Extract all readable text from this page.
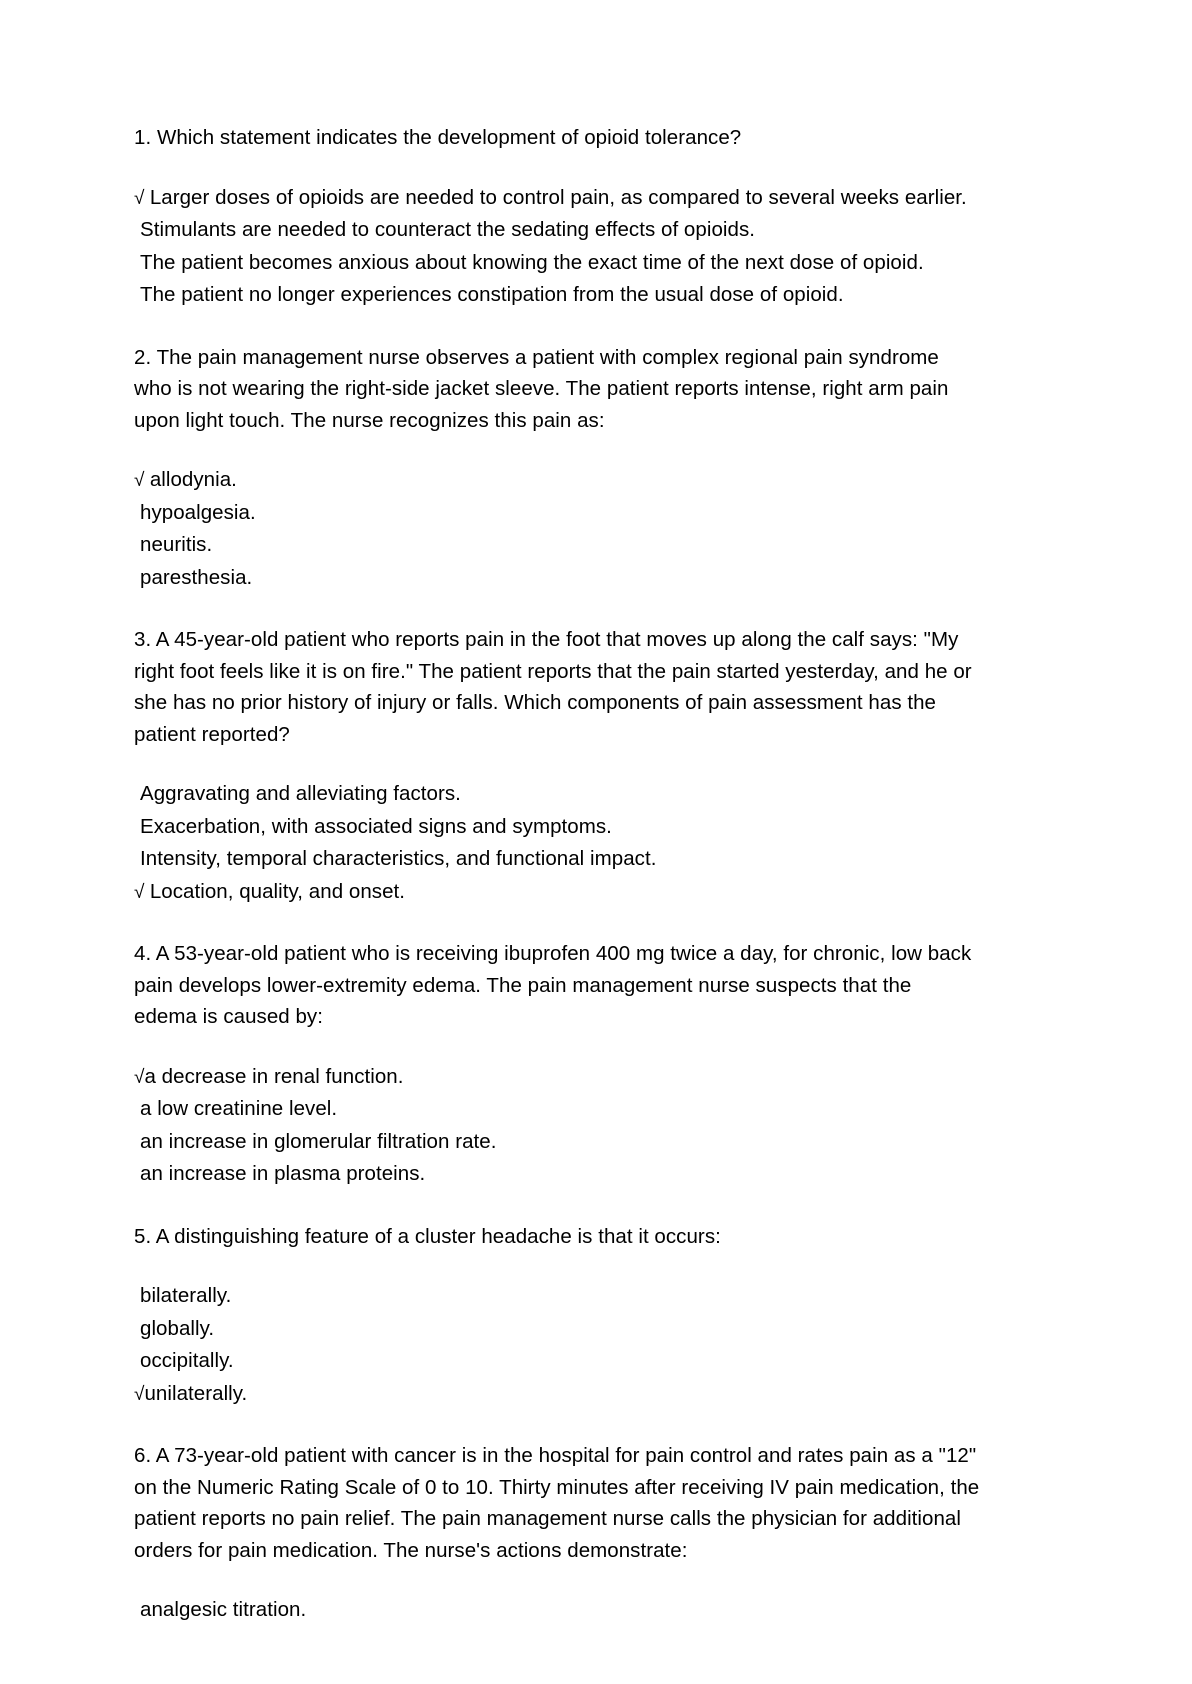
1. Which statement indicates the development of opioid tolerance?
√ Larger doses of opioids are needed to control pain, as compared to several weeks earlier.
Stimulants are needed to counteract the sedating effects of opioids.
The patient becomes anxious about knowing the exact time of the next dose of opioid.
The patient no longer experiences constipation from the usual dose of opioid.
2. The pain management nurse observes a patient with complex regional pain syndrome
who is not wearing the right-side jacket sleeve. The patient reports intense, right arm pain
upon light touch. The nurse recognizes this pain as:
√ allodynia.
hypoalgesia.
neuritis.
paresthesia.
3. A 45-year-old patient who reports pain in the foot that moves up along the calf says: "My
right foot feels like it is on fire." The patient reports that the pain started yesterday, and he or
she has no prior history of injury or falls. Which components of pain assessment has the
patient reported?
Aggravating and alleviating factors.
Exacerbation, with associated signs and symptoms.
Intensity, temporal characteristics, and functional impact.
√ Location, quality, and onset.
4. A 53-year-old patient who is receiving ibuprofen 400 mg twice a day, for chronic, low back
pain develops lower-extremity edema. The pain management nurse suspects that the
edema is caused by:
√a decrease in renal function.
a low creatinine level.
an increase in glomerular filtration rate.
an increase in plasma proteins.
5. A distinguishing feature of a cluster headache is that it occurs:
bilaterally.
globally.
occipitally.
√unilaterally.
6. A 73-year-old patient with cancer is in the hospital for pain control and rates pain as a "12"
on the Numeric Rating Scale of 0 to 10. Thirty minutes after receiving IV pain medication, the
patient reports no pain relief. The pain management nurse calls the physician for additional
orders for pain medication. The nurse's actions demonstrate:
analgesic titration.
